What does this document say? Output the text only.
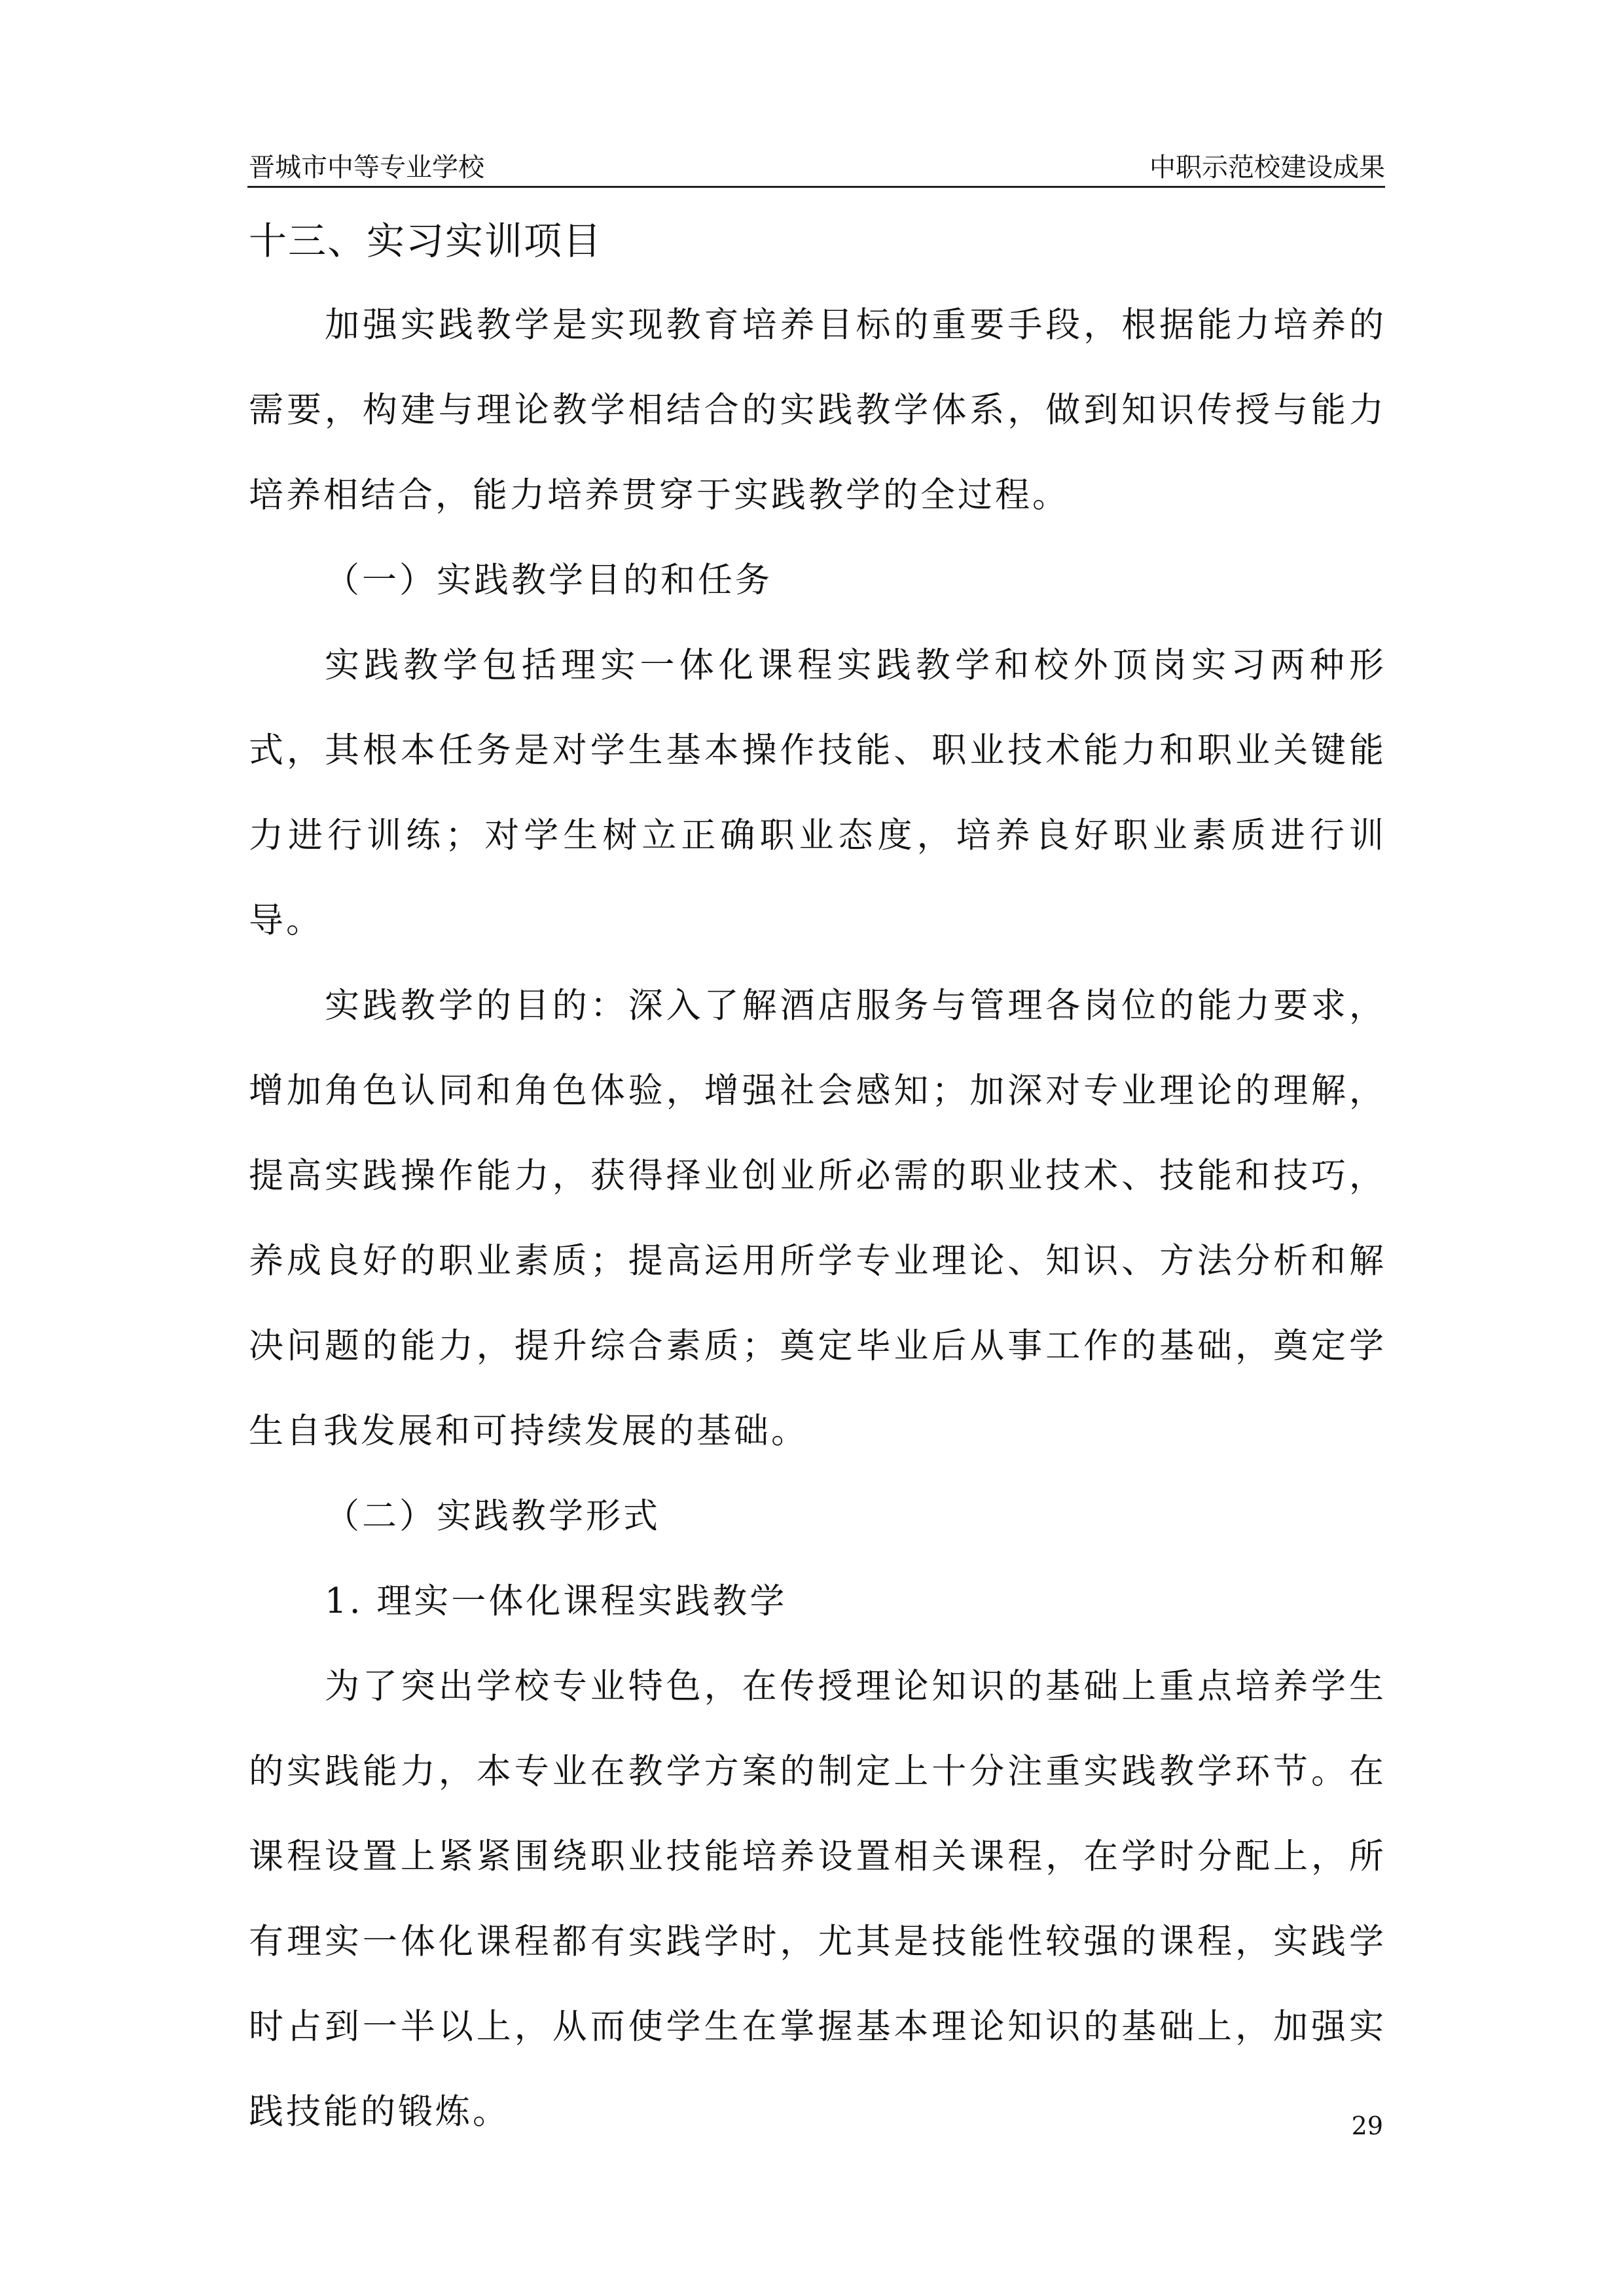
晋城市中等专业学校	中职示范校建设成果
十三、实习实训项目

加强实践教学是实现教育培养目标的重要手段，根据能力培养的需要，构建与理论教学相结合的实践教学体系，做到知识传授与能力培养相结合，能力培养贯穿于实践教学的全过程。

（一）实践教学目的和任务

实践教学包括理实一体化课程实践教学和校外顶岗实习两种形式，其根本任务是对学生基本操作技能、职业技术能力和职业关键能力进行训练；对学生树立正确职业态度，培养良好职业素质进行训导。

实践教学的目的：深入了解酒店服务与管理各岗位的能力要求，增加角色认同和角色体验，增强社会感知；加深对专业理论的理解，提高实践操作能力，获得择业创业所必需的职业技术、技能和技巧，养成良好的职业素质；提高运用所学专业理论、知识、方法分析和解决问题的能力，提升综合素质；奠定毕业后从事工作的基础，奠定学生自我发展和可持续发展的基础。

（二）实践教学形式
1. 理实一体化课程实践教学

为了突出学校专业特色，在传授理论知识的基础上重点培养学生的实践能力，本专业在教学方案的制定上十分注重实践教学环节。在课程设置上紧紧围绕职业技能培养设置相关课程，在学时分配上，所有理实一体化课程都有实践学时，尤其是技能性较强的课程，实践学时占到一半以上，从而使学生在掌握基本理论知识的基础上，加强实践技能的锻炼。	29
